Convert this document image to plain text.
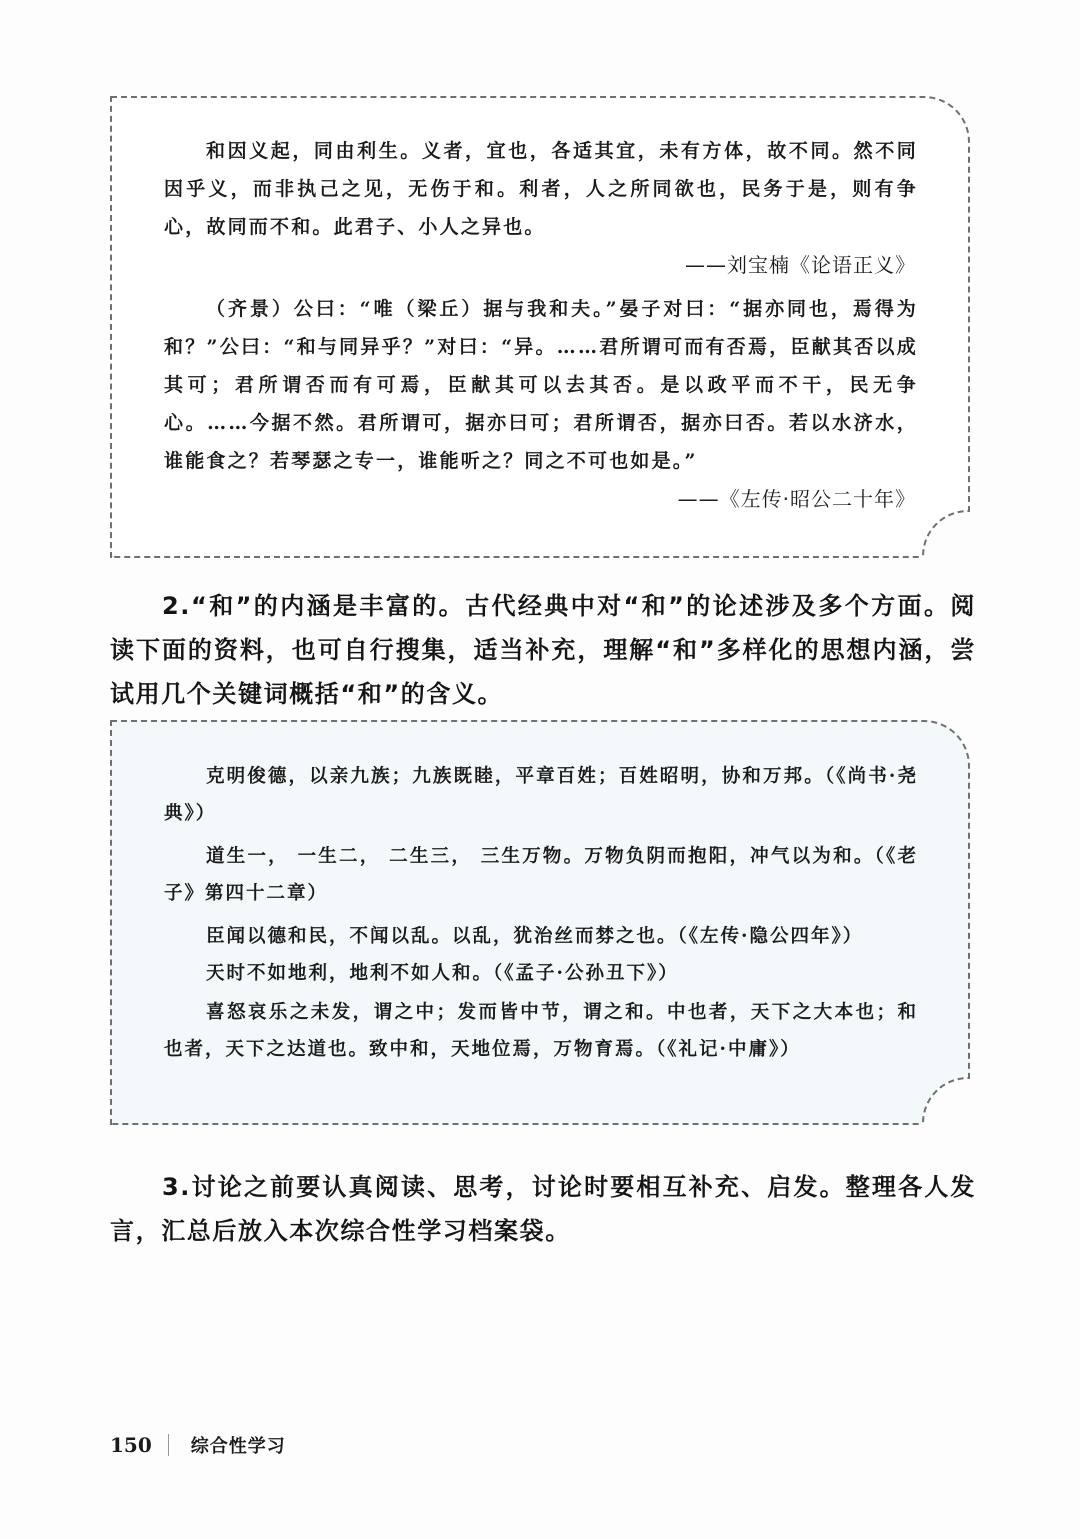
和因义起，同由利生。义者，宜也，各适其宜，未有方体，故不同。然不同因乎义，而非执己之见，无伤于和。利者，人之所同欲也，民务于是，则有争心，故同而不和。此君子、小人之异也。

——刘宝楠《论语正义》

（齐景）公曰：“唯（梁丘）据与我和夫。”晏子对曰：“据亦同也，焉得为和？”公曰：“和与同异乎？”对曰：“异。……君所谓可而有否焉，臣献其否以成其可；君所谓否而有可焉，臣献其可以去其否。是以政平而不干，民无争心。……今据不然。君所谓可，据亦曰可；君所谓否，据亦曰否。若以水济水，谁能食之？若琴瑟之专一，谁能听之？同之不可也如是。”

——《左传·昭公二十年》

2.“和”的内涵是丰富的。古代经典中对“和”的论述涉及多个方面。阅读下面的资料，也可自行搜集，适当补充，理解“和”多样化的思想内涵，尝试用几个关键词概括“和”的含义。

克明俊德，以亲九族；九族既睦，平章百姓；百姓昭明，协和万邦。（《尚书·尧典》）

道生一， 一生二， 二生三， 三生万物。万物负阴而抱阳，冲气以为和。（《老子》第四十二章）

臣闻以德和民，不闻以乱。以乱，犹治丝而棼之也。（《左传·隐公四年》）

天时不如地利，地利不如人和。（《孟子·公孙丑下》）

喜怒哀乐之未发，谓之中；发而皆中节，谓之和。中也者，天下之大本也；和也者，天下之达道也。致中和，天地位焉，万物育焉。（《礼记·中庸》）

3.讨论之前要认真阅读、思考，讨论时要相互补充、启发。整理各人发言，汇总后放入本次综合性学习档案袋。

150 综合性学习
